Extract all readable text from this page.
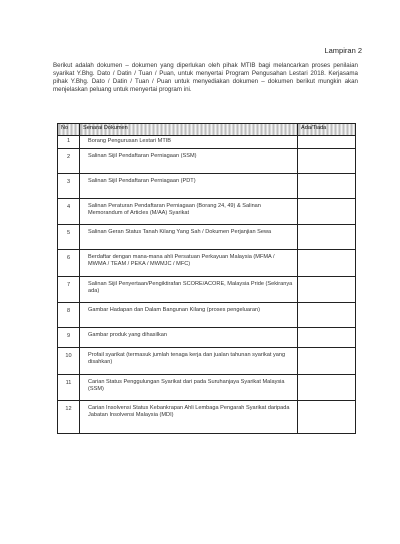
Lampiran 2
Berikut adalah dokumen – dokumen yang diperlukan oleh pihak MTIB bagi melancarkan proses penilaian syarikat Y.Bhg. Dato / Datin / Tuan / Puan, untuk menyertai Program Pengusahan Lestari 2018. Kerjasama pihak Y.Bhg. Dato / Datin / Tuan / Puan untuk menyediakan dokumen – dokumen berikut mungkin akan menjelaskan peluang untuk menyertai program ini.
No	Senarai Dokumen	Ada/Tiada
1	Borang Pengurusan Lestari MTIB	
2	Salinan Sijil Pendaftaran Perniagaan (SSM)	
3	Salinan Sijil Pendaftaran Perniagaan (PDT)	
4	Salinan Peraturan Pendaftaran Perniagaan (Borang 24, 49) & Salinan Memorandum of Articles (M/AA) Syarikat	
5	Salinan Geran Status Tanah Kilang Yang Sah / Dokumen Perjanjian Sewa	
6	Berdaftar dengan mana-mana ahli Persatuan Perkayuan Malaysia (MFMA / MWMA / TEAM / PEKA / MWMJC / MFC)	
7	Salinan Sijil Penyertaan/Pengiktirafan SCORE/ACORE, Malaysia Pride (Sekiranya ada)	
8	Gambar Hadapan dan Dalam Bangunan Kilang (proses pengeluaran)	
9	Gambar produk yang dihasilkan	
10	Profail syarikat (termasuk jumlah tenaga kerja dan jualan tahunan syarikat yang disahkan)	
11	Carian Status Penggulungan Syarikat dari pada Suruhanjaya Syarikat Malaysia (SSM)	
12	Carian Insolvensi Status Kebankrapan Ahli Lembaga Pengarah Syarikat daripada Jabatan Insolvensi Malaysia (MDI)	
